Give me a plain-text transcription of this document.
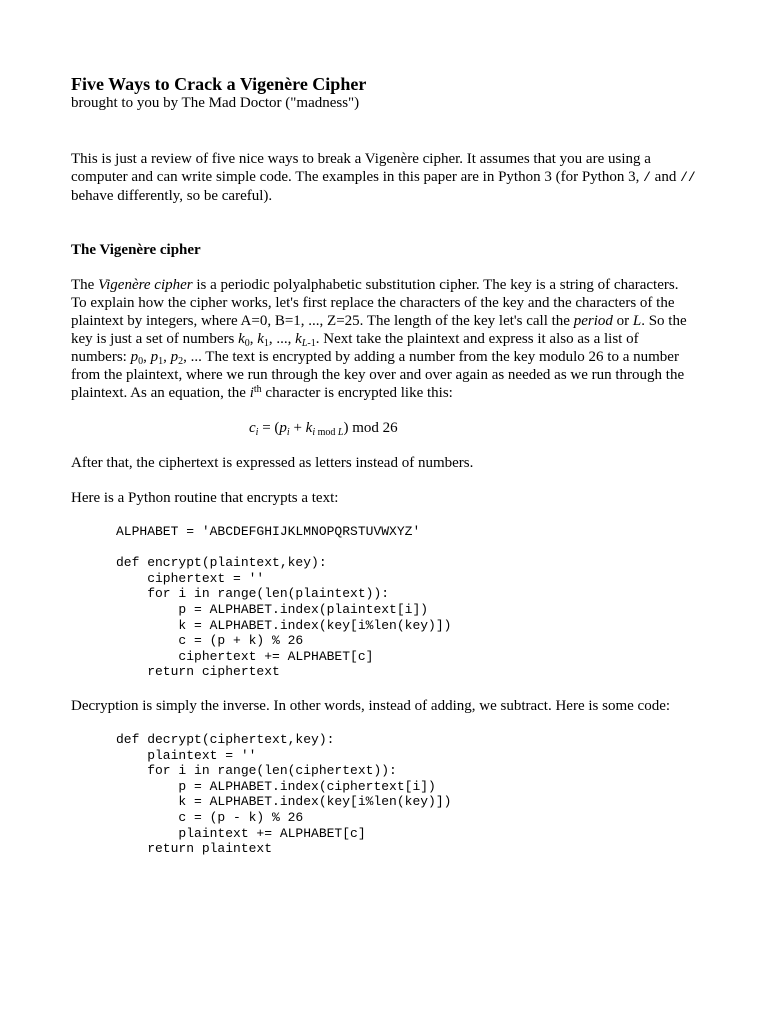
Five Ways to Crack a Vigenère Cipher

brought to you by The Mad Doctor ("madness")

This is just a review of five nice ways to break a Vigenère cipher. It assumes that you are using a computer and can write simple code. The examples in this paper are in Python 3 (for Python 3, / and // behave differently, so be careful).

The Vigenère cipher

The Vigenère cipher is a periodic polyalphabetic substitution cipher. The key is a string of characters. To explain how the cipher works, let's first replace the characters of the key and the characters of the plaintext by integers, where A=0, B=1, ..., Z=25. The length of the key let's call the period or L. So the key is just a set of numbers $k_0$, $k_1$, ..., $k_{L-1}$. Next take the plaintext and express it also as a list of numbers: $p_0$, $p_1$, $p_2$, ... The text is encrypted by adding a number from the key modulo 26 to a number from the plaintext, where we run through the key over and over again as needed as we run through the plaintext. As an equation, the $i^{th}$ character is encrypted like this:

$c_i = (p_i + k_{i mod L})$ mod 26

After that, the ciphertext is expressed as letters instead of numbers.

Here is a Python routine that encrypts a text:

ALPHABET = 'ABCDEFGHIJKLMNOPQRSTUVWXYZ'

def encrypt(plaintext,key):
ciphertext = ''
for i in range(len(plaintext)):
p = ALPHABET.index(plaintext[i])
k = ALPHABET.index(key[i%len(key)])
c = (p + k) % 26
ciphertext += ALPHABET[c]
return ciphertext

Decryption is simply the inverse. In other words, instead of adding, we subtract. Here is some code:

def decrypt(ciphertext,key):
plaintext = ''
for i in range(len(ciphertext)):
p = ALPHABET.index(ciphertext[i])
k = ALPHABET.index(key[i%len(key)])
c = (p - k) % 26
plaintext += ALPHABET[c]
return plaintext
